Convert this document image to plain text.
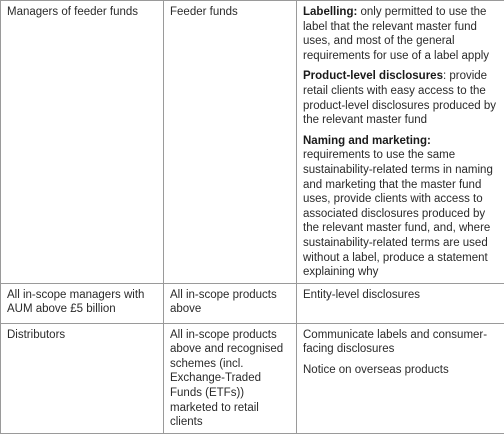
Managers of feeder funds	Feeder funds	Labelling: only permitted to use the label that the relevant master fund uses, and most of the general requirements for use of a label apply

Product-level disclosures: provide retail clients with easy access to the product-level disclosures produced by the relevant master fund

Naming and marketing: requirements to use the same sustainability-related terms in naming and marketing that the master fund uses, provide clients with access to associated disclosures produced by the relevant master fund, and, where sustainability-related terms are used without a label, produce a statement explaining why

All in-scope managers with AUM above £5 billion	All in-scope products above	Entity-level disclosures

Distributors	All in-scope products above and recognised schemes (incl. Exchange-Traded Funds (ETFs)) marketed to retail clients	Communicate labels and consumer-facing disclosures

Notice on overseas products
